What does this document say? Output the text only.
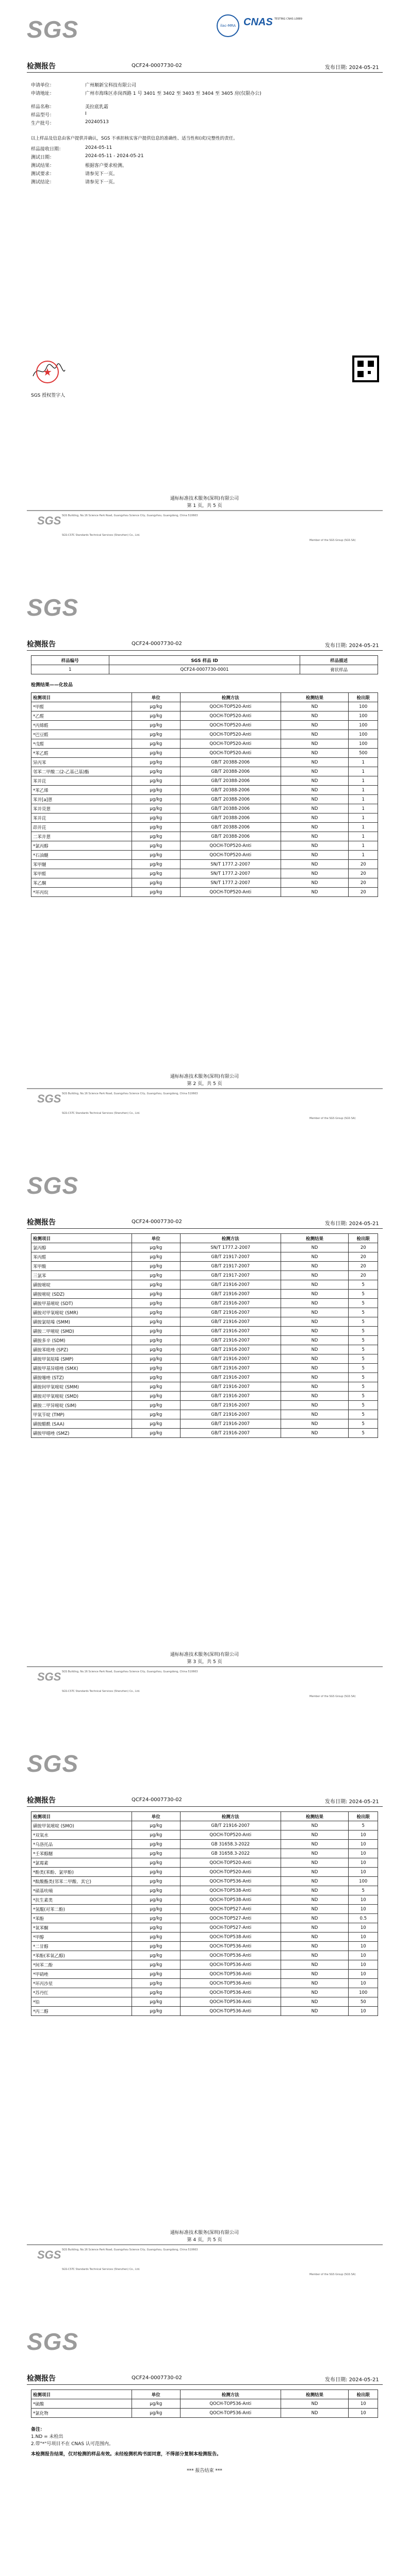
SGS	ilac-MRA CNAS TESTING CNAS L0889
检测报告	QCF24-0007730-02	发布日期: 2024-05-21
申请单位：	广州顺新宝科技有限公司
申请地址：	广州市海珠区赤岗西路 1 号 3401 至 3402 至 3403 至 3404 至 3405 房(仅限办公)
样品名称：	美拉底乳霜
样品型号：	I
生产批号：	20240513
以上样品及信息由客户提供并确认，SGS 不承担核实客户提供信息的准确性、适当性和(或)完整性的责任。
样品接收日期：	2024-05-11
测试日期：	2024-05-11 - 2024-05-21
测试结果：	根据客户要求检测。
测试要求：	请参见下一页。
测试结论：	请参见下一页。
★
SGS 授权签字人
通标标准技术服务(深圳)有限公司
第 1 页，共 5 页
SGS SGS Building, No.16 Science Park Road, Guangzhou Science City, Guangzhou, Guangdong, China 510663
SGS-CSTC Standards Technical Services (Shenzhen) Co., Ltd.
Member of the SGS Group (SGS SA)
SGS
检测报告	QCF24-0007730-02	发布日期: 2024-05-21
样品编号	SGS 样品 ID	样品描述
1	QCF24-0007730-0001	膏状样品
检测结果——化妆品
检测项目	单位	检测方法	检测结果	检出限
*甲醛	μg/kg	QOCH-TOP520-Anti	ND	100
*乙醛	μg/kg	QOCH-TOP520-Anti	ND	100
*丙烯醛	μg/kg	QOCH-TOP520-Anti	ND	100
*巴豆醛	μg/kg	QOCH-TOP520-Anti	ND	100
*戊醛	μg/kg	QOCH-TOP520-Anti	ND	100
*苯乙醛	μg/kg	QOCH-TOP520-Anti	ND	500
异丙苯	μg/kg	GB/T 20388-2006	ND	1
邻苯二甲酸二(2-乙基己基)酯	μg/kg	GB/T 20388-2006	ND	1
苯并芘	μg/kg	GB/T 20388-2006	ND	1
*苯乙烯	μg/kg	GB/T 20388-2006	ND	1
苯并[a]蒽	μg/kg	GB/T 20388-2006	ND	1
苯并荧蒽	μg/kg	GB/T 20388-2006	ND	1
苯并芘	μg/kg	GB/T 20388-2006	ND	1
茚并芘	μg/kg	GB/T 20388-2006	ND	1
二苯并蒽	μg/kg	GB/T 20388-2006	ND	1
*氯丙醇	μg/kg	QOCH-TOP520-Anti	ND	1
*石油醚	μg/kg	QOCH-TOP520-Anti	ND	1
苯甲醚	μg/kg	SN/T 1777.2-2007	ND	20
苯甲醛	μg/kg	SN/T 1777.2-2007	ND	20
苯乙酮	μg/kg	SN/T 1777.2-2007	ND	20
*环丙烷	μg/kg	QOCH-TOP520-Anti	ND	20
通标标准技术服务(深圳)有限公司
第 2 页，共 5 页
SGS SGS Building, No.16 Science Park Road, Guangzhou Science City, Guangzhou, Guangdong, China 510663
SGS-CSTC Standards Technical Services (Shenzhen) Co., Ltd.
Member of the SGS Group (SGS SA)
SGS
检测报告	QCF24-0007730-02	发布日期: 2024-05-21
检测项目	单位	检测方法	检测结果	检出限
氯丙醇	μg/kg	SN/T 1777.2-2007	ND	20
苯丙醛	μg/kg	GB/T 21917-2007	ND	20
苯甲酸	μg/kg	GB/T 21917-2007	ND	20
三氯苯	μg/kg	GB/T 21917-2007	ND	20
磺胺嘧啶	μg/kg	GB/T 21916-2007	ND	5
磺胺嘧啶 (SDZ)	μg/kg	GB/T 21916-2007	ND	5
磺胺甲基嘧啶 (SDT)	μg/kg	GB/T 21916-2007	ND	5
磺胺对甲氧嘧啶 (SMR)	μg/kg	GB/T 21916-2007	ND	5
磺胺氯哒嗪 (SMM)	μg/kg	GB/T 21916-2007	ND	5
磺胺二甲嘧啶 (SMD)	μg/kg	GB/T 21916-2007	ND	5
磺胺多辛 (SDM)	μg/kg	GB/T 21916-2007	ND	5
磺胺苯吡唑 (SPZ)	μg/kg	GB/T 21916-2007	ND	5
磺胺甲氧哒嗪 (SMP)	μg/kg	GB/T 21916-2007	ND	5
磺胺甲基异噁唑 (SMX)	μg/kg	GB/T 21916-2007	ND	5
磺胺噻唑 (STZ)	μg/kg	GB/T 21916-2007	ND	5
磺胺间甲氧嘧啶 (SMM)	μg/kg	GB/T 21916-2007	ND	5
磺胺对甲氧嘧啶 (SMD)	μg/kg	GB/T 21916-2007	ND	5
磺胺二甲异嘧啶 (SIM)	μg/kg	GB/T 21916-2007	ND	5
甲氧苄啶 (TMP)	μg/kg	GB/T 21916-2007	ND	5
磺胺醋酰 (SAA)	μg/kg	GB/T 21916-2007	ND	5
磺胺甲噁唑 (SMZ)	μg/kg	GB/T 21916-2007	ND	5
通标标准技术服务(深圳)有限公司
第 3 页，共 5 页
SGS SGS Building, No.16 Science Park Road, Guangzhou Science City, Guangzhou, Guangdong, China 510663
SGS-CSTC Standards Technical Services (Shenzhen) Co., Ltd.
Member of the SGS Group (SGS SA)
SGS
检测报告	QCF24-0007730-02	发布日期: 2024-05-21
检测项目	单位	检测方法	检测结果	检出限
磺胺甲氧嘧啶 (SMO)	μg/kg	GB/T 21916-2007	ND	5
*双氧水	μg/kg	QOCH-TOP520-Anti	ND	10
*乌洛托品	μg/kg	GB 31658.3-2022	ND	10
*壬苯醇醚	μg/kg	GB 31658.3-2022	ND	10
*氯霉素	μg/kg	QOCH-TOP520-Anti	ND	10
*酚类(苯酚、氯甲酚)	μg/kg	QOCH-TOP520-Anti	ND	10
*酞酸酯类(邻苯二甲酸、其它)	μg/kg	QOCH-TOP536-Anti	ND	100
*硝基呋喃	μg/kg	QOCH-TOP538-Anti	ND	5
*抗生素类	μg/kg	QOCH-TOP538-Anti	ND	10
*氢醌(对苯二酚)	μg/kg	QOCH-TOP527-Anti	ND	10
*苯酚	μg/kg	QOCH-TOP527-Anti	ND	0.5
*氧苯酮	μg/kg	QOCH-TOP527-Anti	ND	10
*甲醇	μg/kg	QOCH-TOP538-Anti	ND	10
*二甘醇	μg/kg	QOCH-TOP536-Anti	ND	10
*苯酚(苯氧乙醇)	μg/kg	QOCH-TOP536-Anti	ND	10
*间苯二酚	μg/kg	QOCH-TOP536-Anti	ND	10
*甲硝唑	μg/kg	QOCH-TOP536-Anti	ND	10
*环丙沙星	μg/kg	QOCH-TOP536-Anti	ND	10
*苏丹红	μg/kg	QOCH-TOP536-Anti	ND	100
*铅	μg/kg	QOCH-TOP536-Anti	ND	50
*丙二醇	μg/kg	QOCH-TOP536-Anti	ND	10
通标标准技术服务(深圳)有限公司
第 4 页，共 5 页
SGS SGS Building, No.16 Science Park Road, Guangzhou Science City, Guangzhou, Guangdong, China 510663
SGS-CSTC Standards Technical Services (Shenzhen) Co., Ltd.
Member of the SGS Group (SGS SA)
SGS
检测报告	QCF24-0007730-02	发布日期: 2024-05-21
检测项目	单位	检测方法	检测结果	检出限
*硫酸	μg/kg	QOCH-TOP536-Anti	ND	10
*氯化物	μg/kg	QOCH-TOP536-Anti	ND	10
备注：
1.ND = 未检出
2.带"*"号项目不在 CNAS 认可范围内。
本检测报告结果，仅对检测的样品有效。未经检测机构书面同意，不得部分复制本检测报告。
*** 报告结束 ***
